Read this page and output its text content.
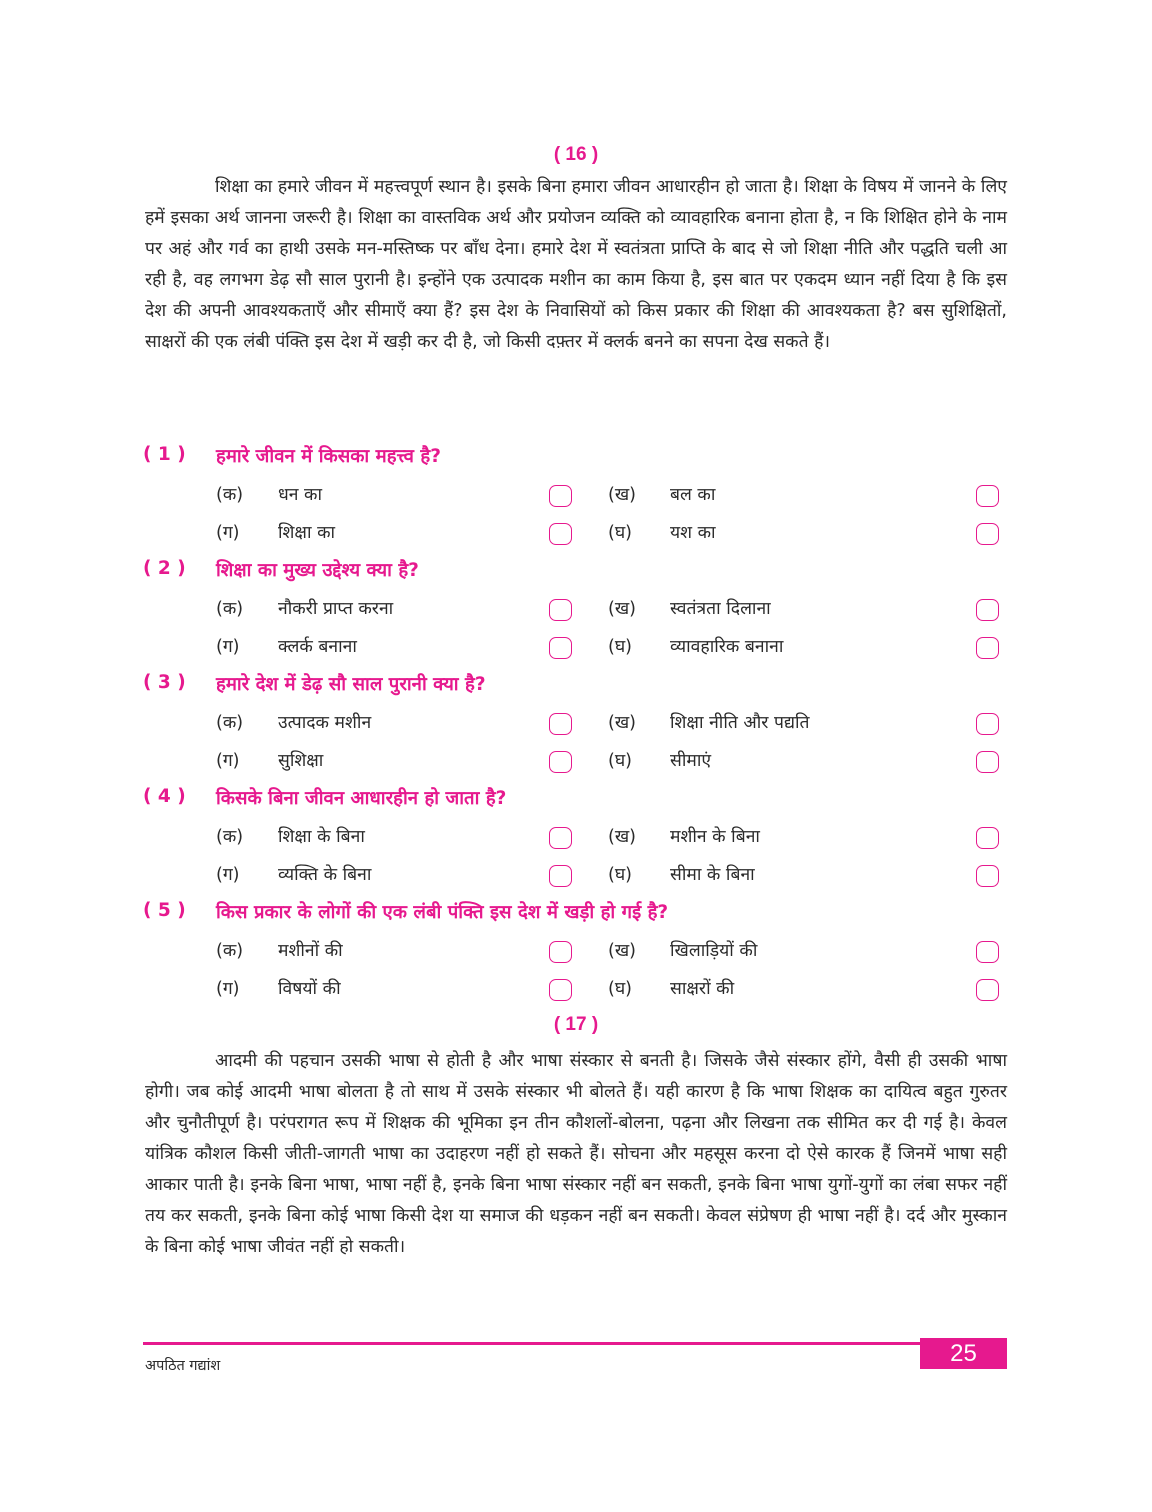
( 16 )

शिक्षा का हमारे जीवन में महत्त्वपूर्ण स्थान है। इसके बिना हमारा जीवन आधारहीन हो जाता है। शिक्षा के विषय में जानने के लिए हमें इसका अर्थ जानना जरूरी है। शिक्षा का वास्तविक अर्थ और प्रयोजन व्यक्ति को व्यावहारिक बनाना होता है, न कि शिक्षित होने के नाम पर अहं और गर्व का हाथी उसके मन-मस्तिष्क पर बाँध देना। हमारे देश में स्वतंत्रता प्राप्ति के बाद से जो शिक्षा नीति और पद्धति चली आ रही है, वह लगभग डेढ़ सौ साल पुरानी है। इन्होंने एक उत्पादक मशीन का काम किया है, इस बात पर एकदम ध्यान नहीं दिया है कि इस देश की अपनी आवश्यकताएँ और सीमाएँ क्या हैं? इस देश के निवासियों को किस प्रकार की शिक्षा की आवश्यकता है? बस सुशिक्षितों, साक्षरों की एक लंबी पंक्ति इस देश में खड़ी कर दी है, जो किसी दफ़्तर में क्लर्क बनने का सपना देख सकते हैं।

( 1 ) हमारे जीवन में किसका महत्त्व है?
(क) धन का	(ख) बल का
(ग) शिक्षा का	(घ) यश का
( 2 ) शिक्षा का मुख्य उद्देश्य क्या है?
(क) नौकरी प्राप्त करना	(ख) स्वतंत्रता दिलाना
(ग) क्लर्क बनाना	(घ) व्यावहारिक बनाना
( 3 ) हमारे देश में डेढ़ सौ साल पुरानी क्या है?
(क) उत्पादक मशीन	(ख) शिक्षा नीति और पद्यति
(ग) सुशिक्षा	(घ) सीमाएं
( 4 ) किसके बिना जीवन आधारहीन हो जाता है?
(क) शिक्षा के बिना	(ख) मशीन के बिना
(ग) व्यक्ति के बिना	(घ) सीमा के बिना
( 5 ) किस प्रकार के लोगों की एक लंबी पंक्ति इस देश में खड़ी हो गई है?
(क) मशीनों की	(ख) खिलाड़ियों की
(ग) विषयों की	(घ) साक्षरों की
( 17 )

आदमी की पहचान उसकी भाषा से होती है और भाषा संस्कार से बनती है। जिसके जैसे संस्कार होंगे, वैसी ही उसकी भाषा होगी। जब कोई आदमी भाषा बोलता है तो साथ में उसके संस्कार भी बोलते हैं। यही कारण है कि भाषा शिक्षक का दायित्व बहुत गुरुतर और चुनौतीपूर्ण है। परंपरागत रूप में शिक्षक की भूमिका इन तीन कौशलों-बोलना, पढ़ना और लिखना तक सीमित कर दी गई है। केवल यांत्रिक कौशल किसी जीती-जागती भाषा का उदाहरण नहीं हो सकते हैं। सोचना और महसूस करना दो ऐसे कारक हैं जिनमें भाषा सही आकार पाती है। इनके बिना भाषा, भाषा नहीं है, इनके बिना भाषा संस्कार नहीं बन सकती, इनके बिना भाषा युगों-युगों का लंबा सफर नहीं तय कर सकती, इनके बिना कोई भाषा किसी देश या समाज की धड़कन नहीं बन सकती। केवल संप्रेषण ही भाषा नहीं है। दर्द और मुस्कान के बिना कोई भाषा जीवंत नहीं हो सकती।

25
अपठित गद्यांश
